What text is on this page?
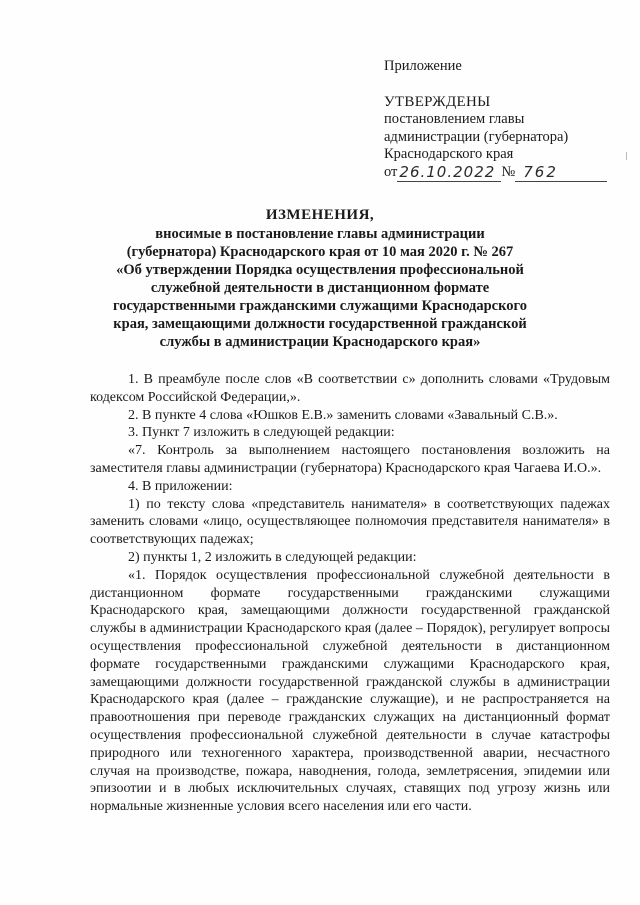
Приложение
УТВЕРЖДЕНЫ
постановлением главы
администрации (губернатора)
Краснодарского края
от 26.10.2022 № 762
ИЗМЕНЕНИЯ,
вносимые в постановление главы администрации
(губернатора) Краснодарского края от 10 мая 2020 г. № 267
«Об утверждении Порядка осуществления профессиональной
служебной деятельности в дистанционном формате
государственными гражданскими служащими Краснодарского
края, замещающими должности государственной гражданской
службы в администрации Краснодарского края»

1. В преамбуле после слов «В соответствии с» дополнить словами «Трудовым кодексом Российской Федерации,».

2. В пункте 4 слова «Юшков Е.В.» заменить словами «Завальный С.В.».

3. Пункт 7 изложить в следующей редакции:

«7. Контроль за выполнением настоящего постановления возложить на заместителя главы администрации (губернатора) Краснодарского края Чагаева И.О.».

4. В приложении:

1) по тексту слова «представитель нанимателя» в соответствующих падежах заменить словами «лицо, осуществляющее полномочия представителя нанимателя» в соответствующих падежах;

2) пункты 1, 2 изложить в следующей редакции:

«1. Порядок осуществления профессиональной служебной деятельности в дистанционном формате государственными гражданскими служащими Краснодарского края, замещающими должности государственной гражданской службы в администрации Краснодарского края (далее – Порядок), регулирует вопросы осуществления профессиональной служебной деятельности в дистанционном формате государственными гражданскими служащими Краснодарского края, замещающими должности государственной гражданской службы в администрации Краснодарского края (далее – гражданские служащие), и не распространяется на правоотношения при переводе гражданских служащих на дистанционный формат осуществления профессиональной служебной деятельности в случае катастрофы природного или техногенного характера, производственной аварии, несчастного случая на производстве, пожара, наводнения, голода, землетрясения, эпидемии или эпизоотии и в любых исключительных случаях, ставящих под угрозу жизнь или нормальные жизненные условия всего населения или его части.
